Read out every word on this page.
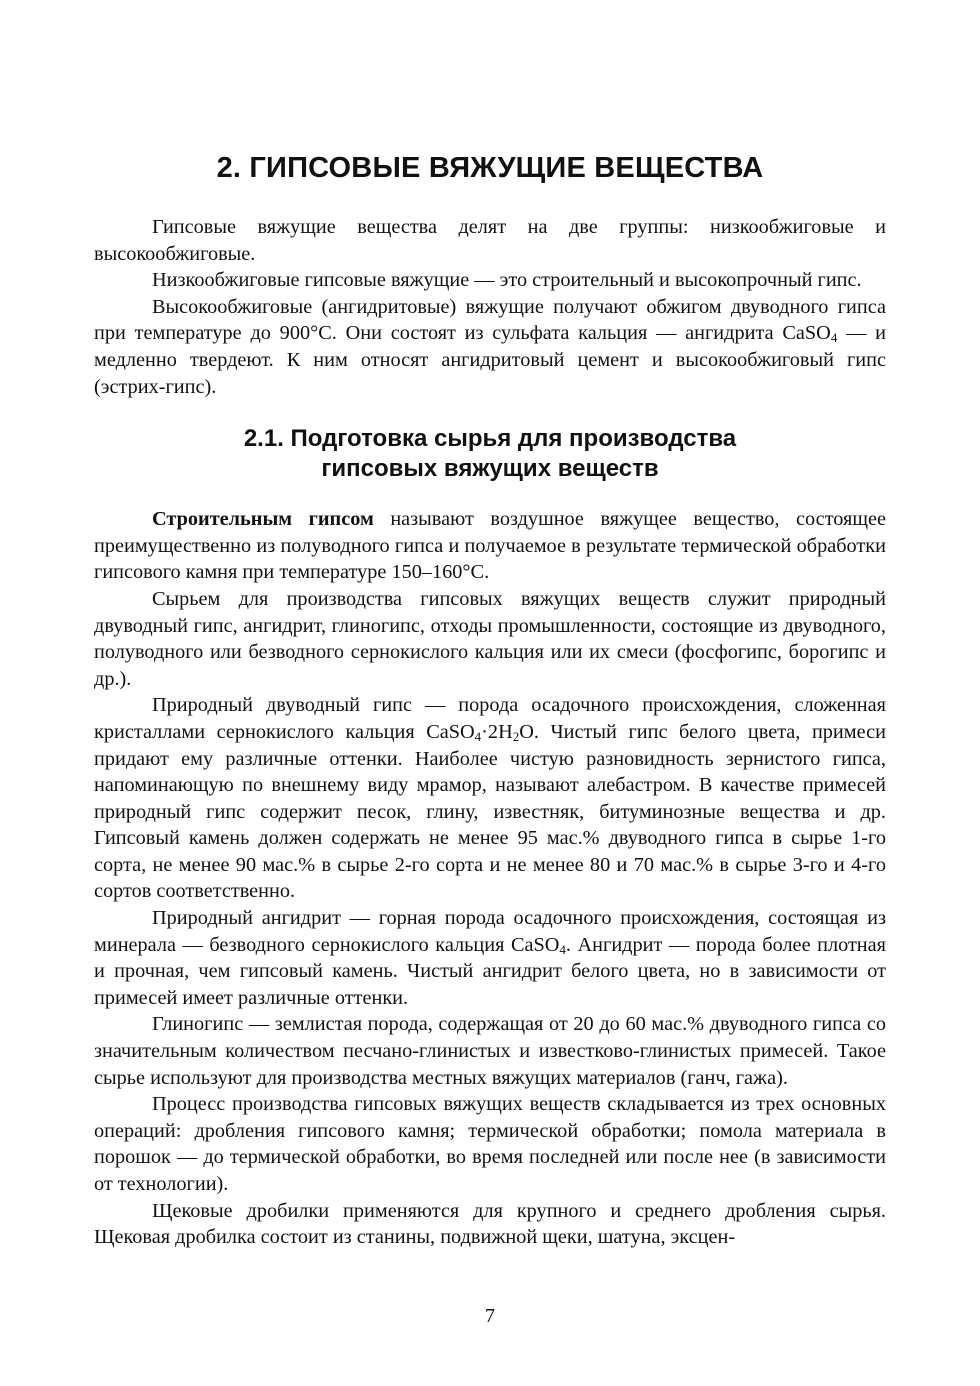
2. ГИПСОВЫЕ ВЯЖУЩИЕ ВЕЩЕСТВА

Гипсовые вяжущие вещества делят на две группы: низкообжиговые и высокообжиговые.

Низкообжиговые гипсовые вяжущие — это строительный и высокопрочный гипс.

Высокообжиговые (ангидритовые) вяжущие получают обжигом двуводного гипса при температуре до 900°С. Они состоят из сульфата кальция — ангидрита CaSO$_4$ — и медленно твердеют. К ним относят ангидритовый цемент и высокообжиговый гипс (эстрих-гипс).

2.1. Подготовка сырья для производства
гипсовых вяжущих веществ

Строительным гипсом называют воздушное вяжущее вещество, состоящее преимущественно из полуводного гипса и получаемое в результате термической обработки гипсового камня при температуре 150–160°С.

Сырьем для производства гипсовых вяжущих веществ служит природный двуводный гипс, ангидрит, глиногипс, отходы промышленности, состоящие из двуводного, полуводного или безводного сернокислого кальция или их смеси (фосфогипс, борогипс и др.).

Природный двуводный гипс — порода осадочного происхождения, сложенная кристаллами сернокислого кальция $CaSO_4\cdot 2H_2O$. Чистый гипс белого цвета, примеси придают ему различные оттенки. Наиболее чистую разновидность зернистого гипса, напоминающую по внешнему виду мрамор, называют алебастром. В качестве примесей природный гипс содержит песок, глину, известняк, битуминозные вещества и др. Гипсовый камень должен содержать не менее 95 мас.% двуводного гипса в сырье 1-го сорта, не менее 90 мас.% в сырье 2-го сорта и не менее 80 и 70 мас.% в сырье 3-го и 4-го сортов соответственно.

Природный ангидрит — горная порода осадочного происхождения, состоящая из минерала — безводного сернокислого кальция CaSO$_4$. Ангидрит — порода более плотная и прочная, чем гипсовый камень. Чистый ангидрит белого цвета, но в зависимости от примесей имеет различные оттенки.

Глиногипс — землистая порода, содержащая от 20 до 60 мас.% двуводного гипса со значительным количеством песчано-глинистых и известково-глинистых примесей. Такое сырье используют для производства местных вяжущих материалов (ганч, гажа).

Процесс производства гипсовых вяжущих веществ складывается из трех основных операций: дробления гипсового камня; термической обработки; помола материала в порошок — до термической обработки, во время последней или после нее (в зависимости от технологии).

Щековые дробилки применяются для крупного и среднего дробления сырья. Щековая дробилка состоит из станины, подвижной щеки, шатуна, эксцен-

7
